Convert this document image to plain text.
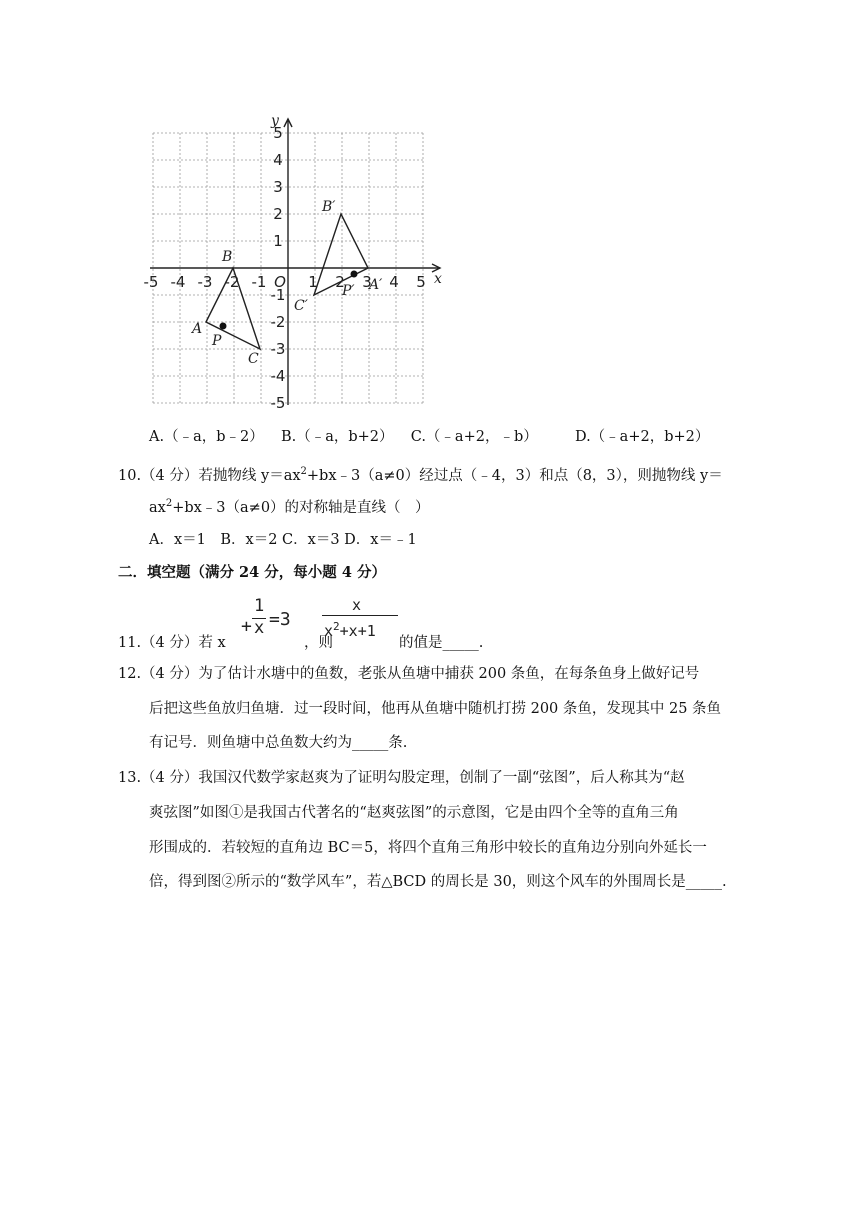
x
y
A
B
C
P
A′
B′
C′
P′
-5 -4 -3 -2 -1 O 1 2 3 4 5
5
4
3
2
1
-1
-2
-3
-4
-5
A.（﹣a，b﹣2） B.（﹣a，b+2） C.（﹣a+2，﹣b）	D.（﹣a+2，b+2）
10.（4 分）若抛物线 $y=ax^2+bx﹣3(a\ne 0)$经过点（﹣4，3）和点（8，3），则抛物线 y＝
$ax^2+bx﹣3(a\ne 0)$的对称轴是直线（　）
A．x＝1　B．x＝2 C．x＝3 D．x＝﹣1
二．填空题（满分 24 分，每小题 4 分）
11.（4 分）若 x
+
1
x =3
，则
x
$x^2+x+1$
的值是_____.
12.（4 分）为了估计水塘中的鱼数，老张从鱼塘中捕获 200 条鱼，在每条鱼身上做好记号
后把这些鱼放归鱼塘．过一段时间，他再从鱼塘中随机打捞 200 条鱼，发现其中 25 条鱼
有记号．则鱼塘中总鱼数大约为_____条.
13.（4 分）我国汉代数学家赵爽为了证明勾股定理，创制了一副“弦图”，后人称其为“赵
爽弦图”如图①是我国古代著名的“赵爽弦图”的示意图，它是由四个全等的直角三角
形围成的．若较短的直角边 BC＝5，将四个直角三角形中较长的直角边分别向外延长一
倍，得到图②所示的“数学风车”，若△BCD 的周长是 30，则这个风车的外围周长是_____.
